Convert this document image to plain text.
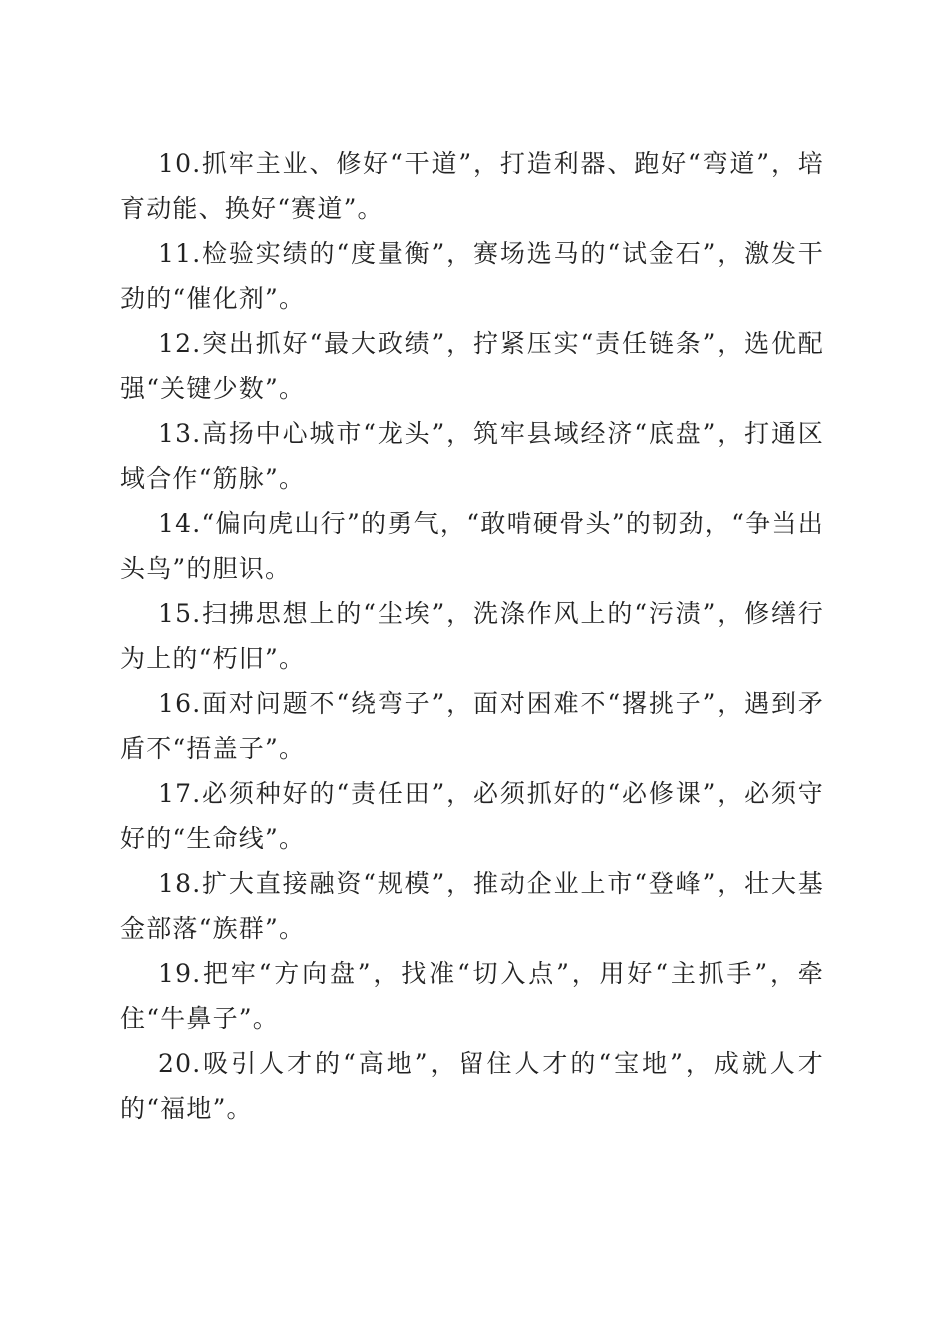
10.抓牢主业、修好“干道”，打造利器、跑好“弯道”，培育动能、换好“赛道”。

11.检验实绩的“度量衡”，赛场选马的“试金石”，激发干劲的“催化剂”。

12.突出抓好“最大政绩”，拧紧压实“责任链条”，选优配强“关键少数”。

13.高扬中心城市“龙头”，筑牢县域经济“底盘”，打通区域合作“筋脉”。

14.“偏向虎山行”的勇气，“敢啃硬骨头”的韧劲，“争当出头鸟”的胆识。

15.扫拂思想上的“尘埃”，洗涤作风上的“污渍”，修缮行为上的“朽旧”。

16.面对问题不“绕弯子”，面对困难不“撂挑子”，遇到矛盾不“捂盖子”。

17.必须种好的“责任田”，必须抓好的“必修课”，必须守好的“生命线”。

18.扩大直接融资“规模”，推动企业上市“登峰”，壮大基金部落“族群”。

19.把牢“方向盘”，找准“切入点”，用好“主抓手”，牵住“牛鼻子”。

20.吸引人才的“高地”，留住人才的“宝地”，成就人才的“福地”。
